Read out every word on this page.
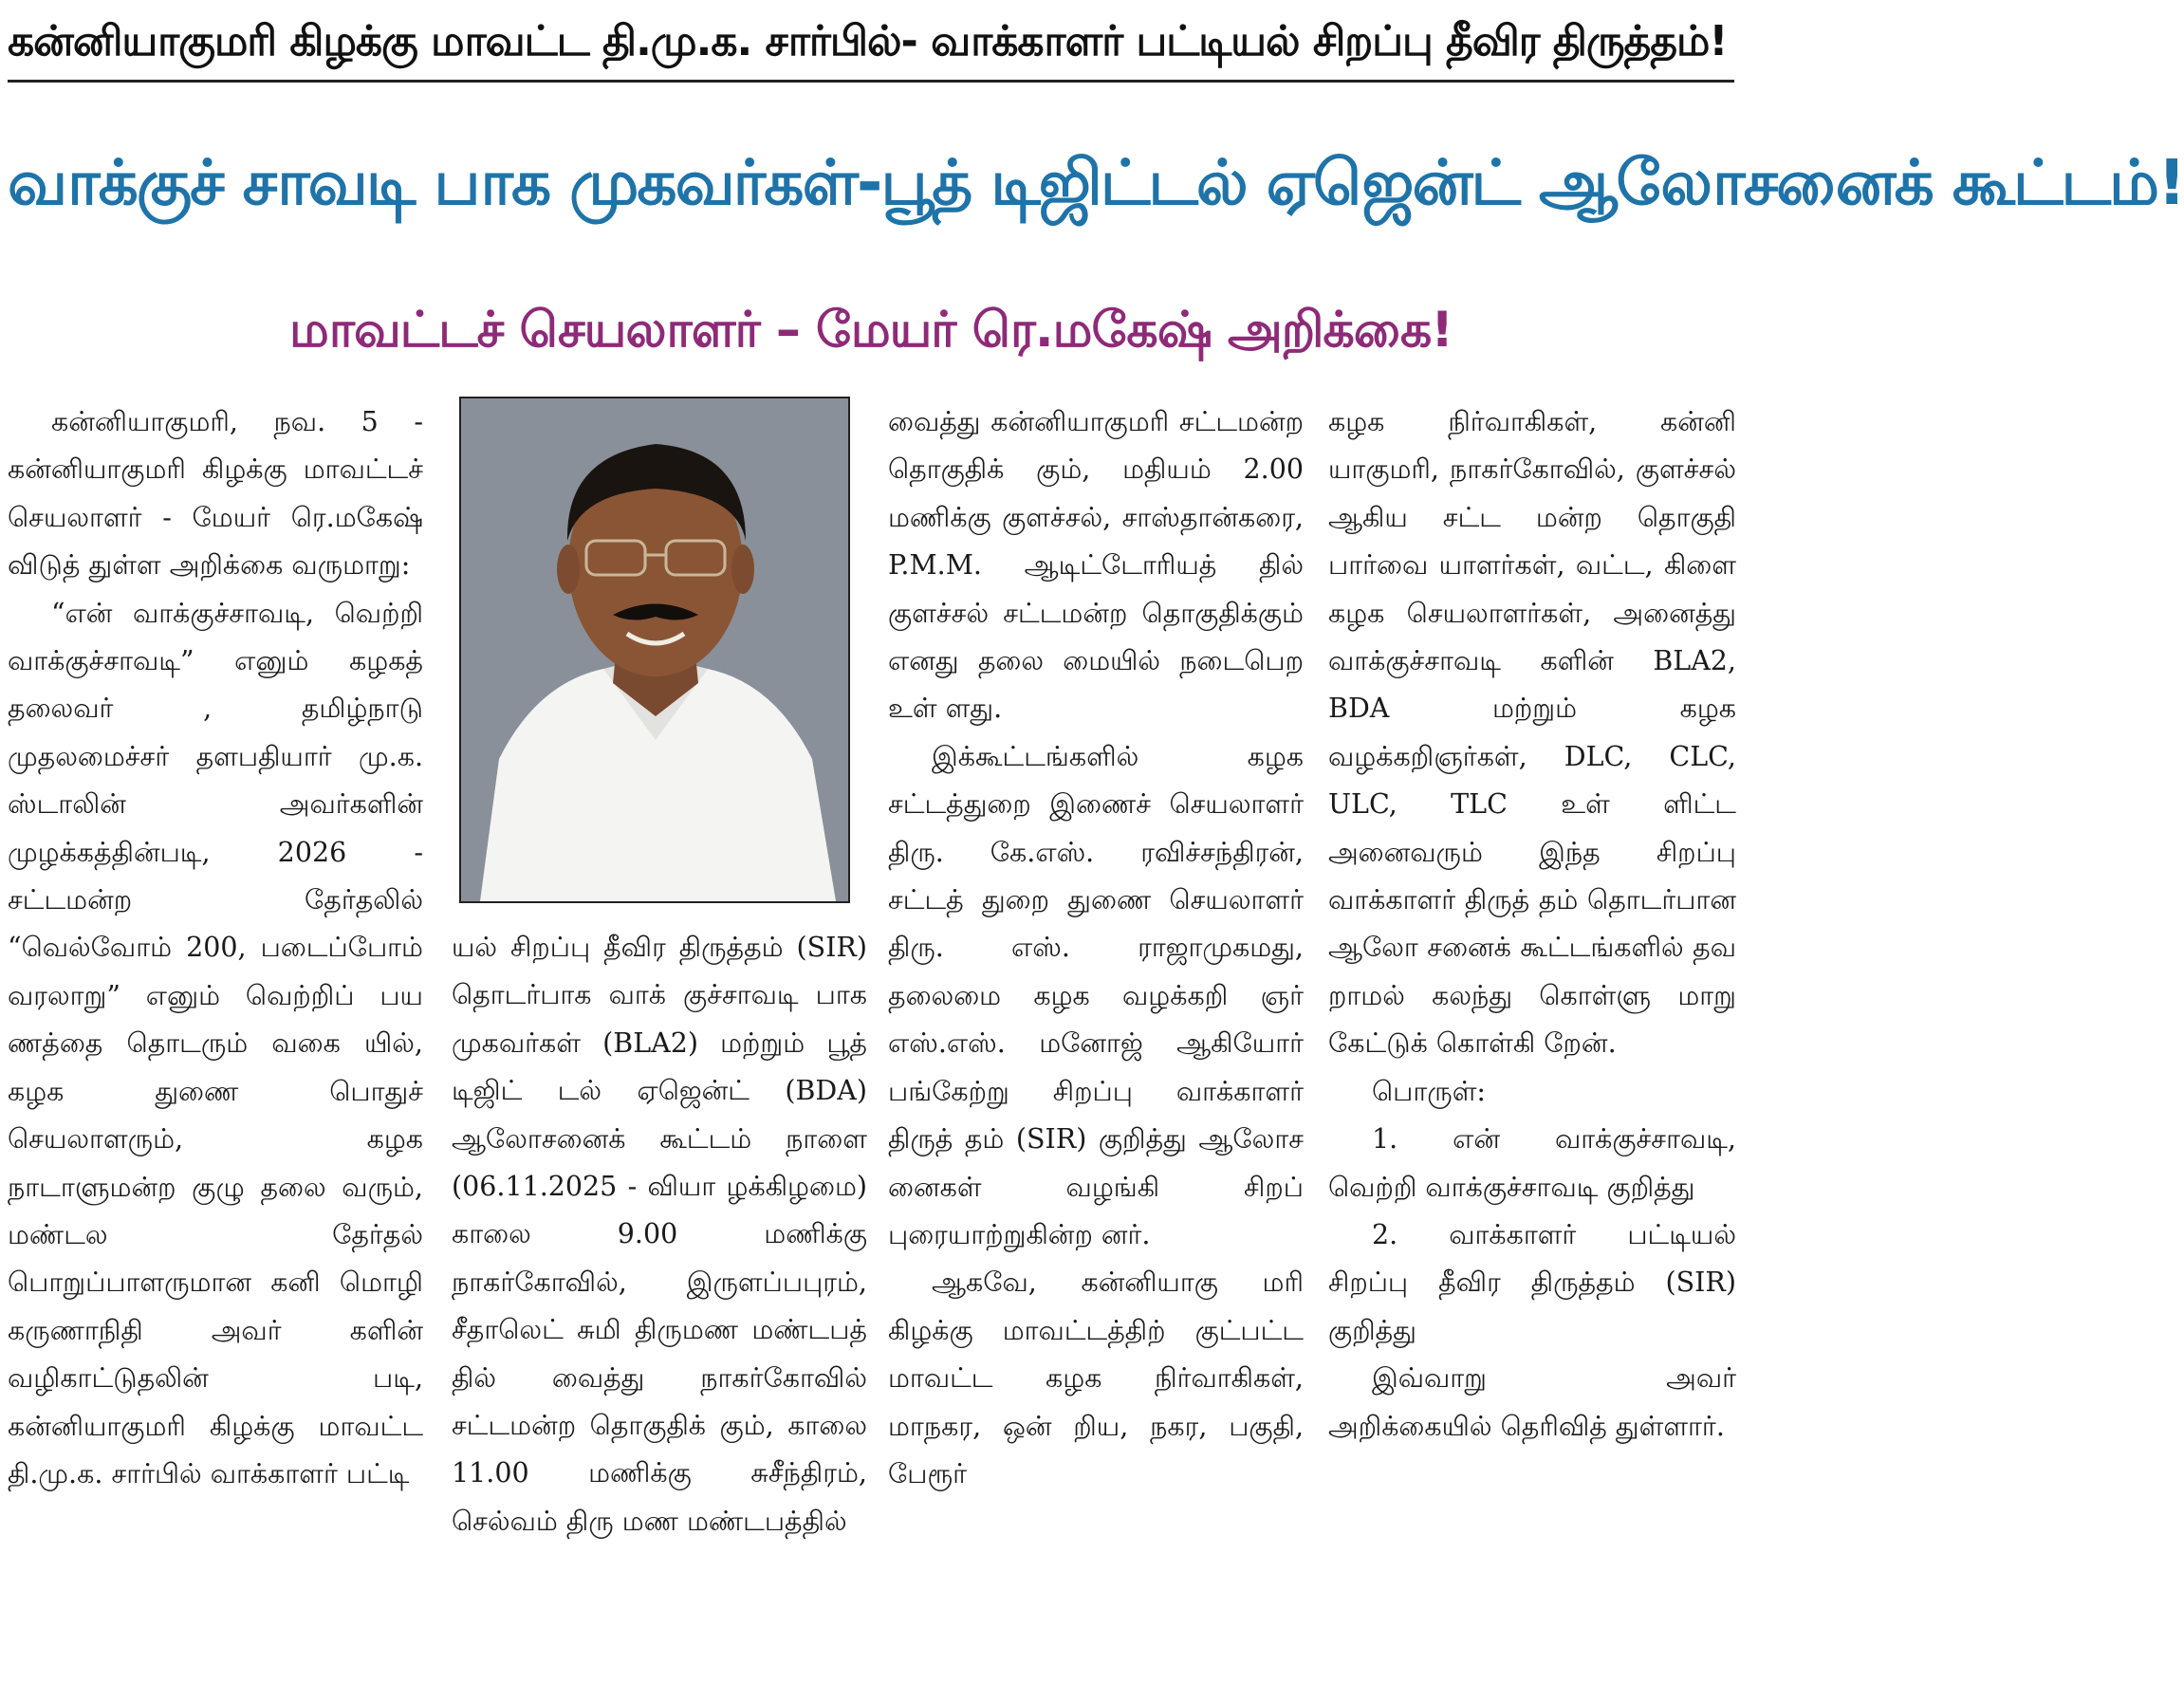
கன்னியாகுமரி கிழக்கு மாவட்ட தி.மு.க. சார்பில்- வாக்காளர் பட்டியல் சிறப்பு தீவிர திருத்தம்!
வாக்குச் சாவடி பாக முகவர்கள்-பூத் டிஜிட்டல் ஏஜென்ட் ஆலோசனைக் கூட்டம்!
மாவட்டச் செயலாளர் – மேயர் ரெ.மகேஷ் அறிக்கை!

கன்னியாகுமரி, நவ. 5 - கன்னியாகுமரி கிழக்கு மாவட்டச் செயலாளர் - மேயர் ரெ.மகேஷ் விடுத் துள்ள அறிக்கை வருமாறு:

“என் வாக்குச்சாவடி, வெற்றி வாக்குச்சாவடி” எனும் கழகத் தலைவர் , தமிழ்நாடு முதலமைச்சர் தளபதியார் மு.க. ஸ்டாலின் அவர்களின் முழக்கத்தின்படி, 2026 - சட்டமன்ற தேர்தலில் “வெல்வோம் 200, படைப்போம் வரலாறு” எனும் வெற்றிப் பய ணத்தை தொடரும் வகை யில், கழக துணை பொதுச் செயலாளரும், கழக நாடாளுமன்ற குழு தலை வரும், மண்டல தேர்தல் பொறுப்பாளருமான கனி மொழி கருணாநிதி அவர் களின் வழிகாட்டுதலின் படி, கன்னியாகுமரி கிழக்கு மாவட்ட தி.மு.க. சார்பில் வாக்காளர் பட்டி

யல் சிறப்பு தீவிர திருத்தம் (SIR) தொடர்பாக வாக் குச்சாவடி பாக முகவர்கள் (BLA2) மற்றும் பூத் டிஜிட் டல் ஏஜென்ட் (BDA) ஆலோசனைக் கூட்டம் நாளை (06.11.2025 - வியா ழக்கிழமை) காலை 9.00 மணிக்கு நாகர்கோவில், இருளப்பபுரம், சீதாலெட் சுமி திருமண மண்டபத் தில் வைத்து நாகர்கோவில் சட்டமன்ற தொகுதிக் கும், காலை 11.00 மணிக்கு சுசீந்திரம், செல்வம் திரு மண மண்டபத்தில்

வைத்து கன்னியாகுமரி சட்டமன்ற தொகுதிக் கும், மதியம் 2.00 மணிக்கு குளச்சல், சாஸ்தான்கரை, P.M.M. ஆடிட்டோரியத் தில் குளச்சல் சட்டமன்ற தொகுதிக்கும் எனது தலை மையில் நடைபெற உள் ளது.

இக்கூட்டங்களில் கழக சட்டத்துறை இணைச் செயலாளர் திரு. கே.எஸ். ரவிச்சந்திரன், சட்டத் துறை துணை செயலாளர் திரு. எஸ். ராஜாமுகமது, தலைமை கழக வழக்கறி ஞர் எஸ்.எஸ். மனோஜ் ஆகியோர் பங்கேற்று சிறப்பு வாக்காளர் திருத் தம் (SIR) குறித்து ஆலோச னைகள் வழங்கி சிறப் புரையாற்றுகின்ற னர்.

ஆகவே, கன்னியாகு மரி கிழக்கு மாவட்டத்திற் குட்பட்ட மாவட்ட கழக நிர்வாகிகள், மாநகர, ஒன் றிய, நகர, பகுதி, பேரூர்

கழக நிர்வாகிகள், கன்னி யாகுமரி, நாகர்கோவில், குளச்சல் ஆகிய சட்ட மன்ற தொகுதி பார்வை யாளர்கள், வட்ட, கிளை கழக செயலாளர்கள், அனைத்து வாக்குச்சாவடி களின் BLA2, BDA மற்றும் கழக வழக்கறிஞர்கள், DLC, CLC, ULC, TLC உள் ளிட்ட அனைவரும் இந்த சிறப்பு வாக்காளர் திருத் தம் தொடர்பான ஆலோ சனைக் கூட்டங்களில் தவ றாமல் கலந்து கொள்ளு மாறு கேட்டுக் கொள்கி றேன்.

பொருள்:

1. என் வாக்குச்சாவடி, வெற்றி வாக்குச்சாவடி குறித்து

2. வாக்காளர் பட்டியல் சிறப்பு தீவிர திருத்தம் (SIR) குறித்து

இவ்வாறு அவர் அறிக்கையில் தெரிவித் துள்ளார்.
